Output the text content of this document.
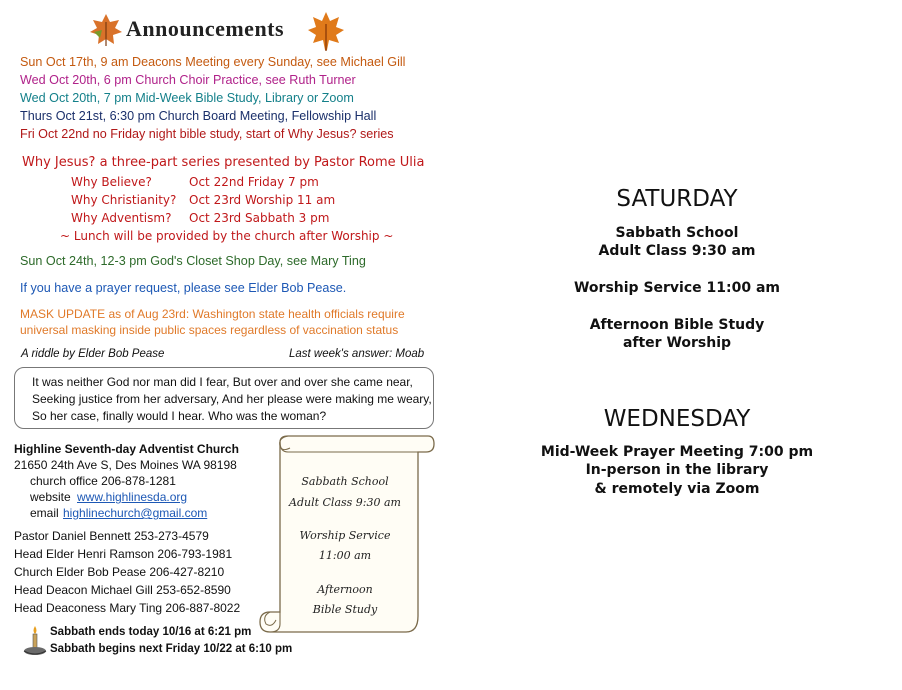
Announcements
Sun Oct 17th, 9 am Deacons Meeting every Sunday, see Michael Gill
Wed Oct 20th, 6 pm Church Choir Practice, see Ruth Turner
Wed Oct 20th, 7 pm Mid-Week Bible Study, Library or Zoom
Thurs Oct 21st, 6:30 pm Church Board Meeting, Fellowship Hall
Fri Oct 22nd no Friday night bible study, start of Why Jesus? series
Why Jesus? a three-part series presented by Pastor Rome Ulia
Why Believe?	Oct 22nd Friday 7 pm
Why Christianity? Oct 23rd Worship 11 am
Why Adventism? Oct 23rd Sabbath 3 pm
~ Lunch will be provided by the church after Worship ~
Sun Oct 24th, 12-3 pm God's Closet Shop Day, see Mary Ting
If you have a prayer request, please see Elder Bob Pease.
MASK UPDATE as of Aug 23rd: Washington state health officials require
universal masking inside public spaces regardless of vaccination status
A riddle by Elder Bob Pease	Last week's answer: Moab
It was neither God nor man did I fear, But over and over she came near,
Seeking justice from her adversary, And her please were making me weary,
So her case, finally would I hear. Who was the woman?
Highline Seventh-day Adventist Church
21650 24th Ave S, Des Moines WA 98198
church office 206-878-1281
website www.highlinesda.org
email highlinechurch@gmail.com
Pastor Daniel Bennett 253-273-4579
Head Elder Henri Ramson 206-793-1981
Church Elder Bob Pease 206-427-8210
Head Deacon Michael Gill 253-652-8590
Head Deaconess Mary Ting 206-887-8022
Sabbath School
Adult Class 9:30 am
Worship Service
11:00 am
Afternoon
Bible Study
Sabbath ends today 10/16 at 6:21 pm
Sabbath begins next Friday 10/22 at 6:10 pm
SATURDAY
Sabbath School
Adult Class 9:30 am
Worship Service 11:00 am
Afternoon Bible Study
after Worship
WEDNESDAY
Mid-Week Prayer Meeting 7:00 pm
In-person in the library
& remotely via Zoom
